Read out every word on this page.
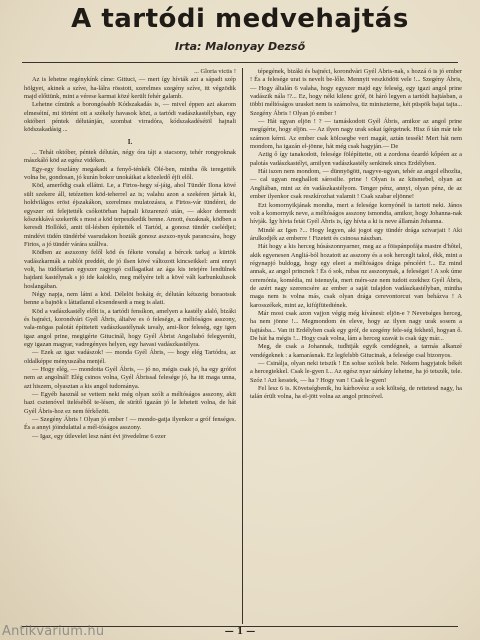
A tartódi medvehajtás
Irta: Malonyay Dezső

... Gloria victis !

Az is lehetne regénykínk címe: Gittuci, — mert így hívták azt a sápadt szép hölgyet, akinek a szíve, ha-lálra rösstott, szerelmes szegény szíve, itt végzödik majd előttünk, mint a vérese karmai közé került fehér galamb.

Lehetne címünk a borongósabb Kódszakadás is, — mivel éppen azt akarom elmeséiní, mi történt ott a székely havasok közt, a tartódi vadászkastélyban, egy októberi péntek délutánján, szombat virradóra, kódszakadésétöl hajnali ködszakadásig ...

I.

... Tehát október, péntek délután, négy óra tájt a stacsony, tehér rongyoknak mászkáló köd az egész vidéken.

Egy-egy foszlány megakadt a fenyő-ténkék Ölé-ben, mintha ők teregették volna be, gondosan, jó kurán bokor unokáikat a közeledő éjfi elől.

Köd, amerődig csak ellátni. Le, a Firtos-hegy sí-jáig, ahol Tündér Ilona kövé sült szekere áll, tetézetten köd-teherrel az is; valahu azon a szekéren jártak ki, holdvilágos eröst éjszakákon, szerelmes mulatozásra, a Firtos-vár tündérei, de egyszer ott felejtették csókotörban hajnali közarenzó után, — akkor dermedt kőszekkává szekerök s most a köd terpeszkedik benne. Amott, északnak, ködben a keresdi Hollókő, amit til-lésben építették el Tartód, a gonosz tündér cselédjei; mindévi tüdén tündérbé vasrudakon hozták gonosz aszszo-nyuk parancsára, hogy Firtos, a jó tündér várára szállva.

Ködben az aszszony felől köd és fékete vonalaj a bércek tarkaj a kürtök vadászkarmák a rablót preddét, de jó ilsen kövé változott kincseikkel: ami ennyi volt, ha tüdőtartan egyszer ragyogó csillagaikat az ága kis tetejére lendülnek hajdani kastélynak s jó ide kaloklo, meg mélyére telt a kövé vált karbunkulusok hoslangában.

Négy napja, nem látni a köd. Délelöt bokáig ér, délután kétszeig boraotsuk benne a bajnök s láttatlanul elcsendesedi a meg is alati.

Köd a vadászkastély előtt is, a tartódi fensíkon, amelyen a kastély alaló, bizáki és bajnéci, korondvári Gyél Ábris, általve es ó felesége, a méltóságos asszony, vala-mögas palotát építtetett vadászkastélynak tavaly, ami-lkor feleség, egy igen igaz angol prine, megigérte Gitucinál, hogy Gyél Ábrist Angoliabó felegyeníti, egy igazan magyar, vadregényes helyen, egy havasi vadászkastélyra.

— Ezek az igaz vadászok! — monda Gyél Ábris, — hogy elég Tartódra, az oldalképpe ményuszába menjél.

— Hogy elég, — mondotta Gyél Ábris, — jó no, mégis csak jó, ha egy grófot nem az angolnál! Elég csinos volna, Gyél Ábrissal felesége jó, ha itt maga unna, azt hiszem, olyasztan a kis angol tudománya.

— Egyéb használ se vettem neki még olyan szólt a méltóságos asszony, akit hazi csztenóvel iteléséből te-lésen, de sürítő igazán jó le lehetett volna, de hát Gyél Ábris-hoz ez nem férkőzött.

— Szegény Ábris ! Olyan jó ember ! — mondo-gatja ilyenkor a gróf fenséges. És a annyi jóindulattal a mél-tóságos asszony.

— Igaz, egy útlevelet lesz nánt évi jövedelme 6 ezer

tépegének, bizáki és bajnéci, korondvári Gyél Ábris-nak, s hozzá ó is jó ember ! És a felesége urat is nevelt be-lőle. Mennyit veszködött vele !... Szegény Ábris, — Hogy általán 6 valaha, hogy egyszer majd egy feleség, egy igazi angol prine vadászik nála !?... Ez, hogy néki kilenc gróf, öt háró legyen a tartódi hajtásban, a többi méltóságos urasket nem is számolva, tiz miniszterne, két püspök bajai tajta... Szegény Ábris ! Olyan jó ember !

— Hát ugyan eljön ! ? — tamáskodott Gyél Ábris, amikor az angol prine megígérte, hogy eljön. — Az ilyen nagy urak sokat ígérgetnek. Hisz ő tán már tele számon kérni. Az ember csak kölcsegbe veri magát, aztán tessék! Mert hát nem mondom, ha igazán el-jönne, hát még csak hagyján.— De

Aztig ő így tanakodott, felesége fölépíttette, ott a zordona ózardó kőpéen az a palotás vadászkastélyt, amilyen vadászkastély senkinek sincs Erdélyben.

Hát iszen nem mondom, — dünnyögött, nagyve-ugyan, tehér az angol elhozlta, — cal ugyan meghallott sárosilie. prine ! Olyan is az kiismebel, olyan az Angliában, mint az én vadászkastélyom. Tenger pénz, annyi, olyan pénz, de az ember ilyenkor csak reszkírozhat valamit ! Csak szabar eljönne!

Ezt komornyikjának mondta, mert a felesége kornyónél is tartott neki. János volt a komornyik neve, a méltóságos asszony ismondta, amikor, hogy Johanna-nak hívják. Így hívta fetát Gyél Ábris is, így hívta a ki is neve államán Johanna.

Mindé az Igen ?... Hogy legyen, aki jogot egy tündér drága szivarjait ! Aki árulkodjék az emberre ! Fizetett és csinosa nászban.

Hát hogy a kis herceg húsászonnyarner, meg az a föispánpofája mastre d'hôtel, akik egyenesen Angliá-ból hozatott az asszony és a sok herceglt takol, ékk, mint a régynapjó buldogg, hogy egy eleet a méltóságos drága péncéért !... Ez mind annak, az angol princnek ! És ó sok, rubas nz asszonynak, a feleséget ! A sok úme ceremónia, komédia, mi istenuyla, mert mérs-sze nem tudott ezekhez Gyél Ábris, de azért nagy szerencsére az ember a saját tulajdon vadászkastélyban, mintha maga nem is volna más, csak olyan drága cerevontorcut van beházva ! A karosszékek, mint az, kifújfütedtének.

Már most csak azon vajjon végig még kívánesi: eljön-e ? Nevetséges herceg, ha nem jönne !... Megmondom én eleve, hogy az ilyen nagy urak sosem a hajtásba... Van itt Erdélyben csak egy gróf, de szegény fele-ség fekhető, hogyan ő. De hát ha mégis !... Hogy csak volna, lám a herceg szavát is csak úgy már...

Meg, de csak a Johannak, tudhtják egyik cendégnek, a tarmás alkanzé vendégeknek : a kamarásnak. Ez legfelsbb Gitucinak, a felesége csal bizonyos.

— Csinálja, olyan neki tetszik ! En sohse szólok bele. Nekem hagyjatok békét a hercegtekkel. Csak le-gyen I... Az egész nyar sárkány lehetne, ha jó tetszék, tele. Szóz ! Azt kesstek, — ha ? Hogy van ! Csak le-gyen!

Fel lesz 6 is. Követségbenik, hu kárhovész a sok költség, de rettetesd nagy, ha talán érült volna, ha el-jött volna az angol princével.

— 1 —
Antikvarium.hu
